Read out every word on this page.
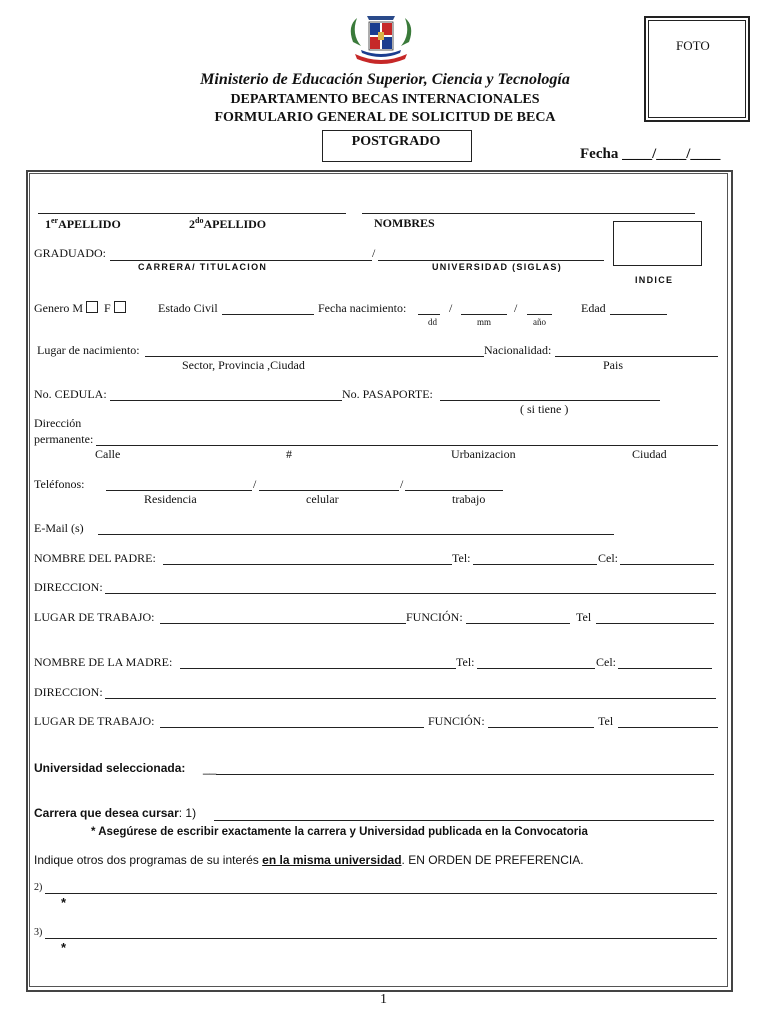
FOTO
Ministerio de Educación Superior, Ciencia y Tecnología
DEPARTAMENTO BECAS INTERNACIONALES
FORMULARIO GENERAL DE SOLICITUD DE BECA
POSTGRADO
Fecha ____/____/____
1erAPELLIDO	$2^{do}APELLIDO$	NOMBRES
GRADUADO:	/
CARRERA/ TITULACION	UNIVERSIDAD (SIGLAS)
INDICE
Genero M F	Estado Civil	Fecha nacimiento:	/	/
dd	mm	año
Edad
Lugar de nacimiento:	Nacionalidad:
Sector, Provincia ,Ciudad	Pais
No. CEDULA:	No. PASAPORTE:
( si tiene )
Dirección
permanente:
Calle	#	Urbanizacion	Ciudad
Teléfonos:	/	/
Residencia	celular	trabajo
E-Mail (s)
NOMBRE DEL PADRE:	Tel:	Cel:
DIRECCION:
LUGAR DE TRABAJO:	FUNCIÓN:	Tel
NOMBRE DE LA MADRE:	Tel:	Cel:
DIRECCION:
LUGAR DE TRABAJO:	FUNCIÓN:	Tel
Universidad seleccionada: __
Carrera que desea cursar: 1)
* Asegúrese de escribir exactamente la carrera y Universidad publicada en la Convocatoria
Indique otros dos programas de su interés en la misma universidad. EN ORDEN DE PREFERENCIA.
2)
*
3)
*
1
